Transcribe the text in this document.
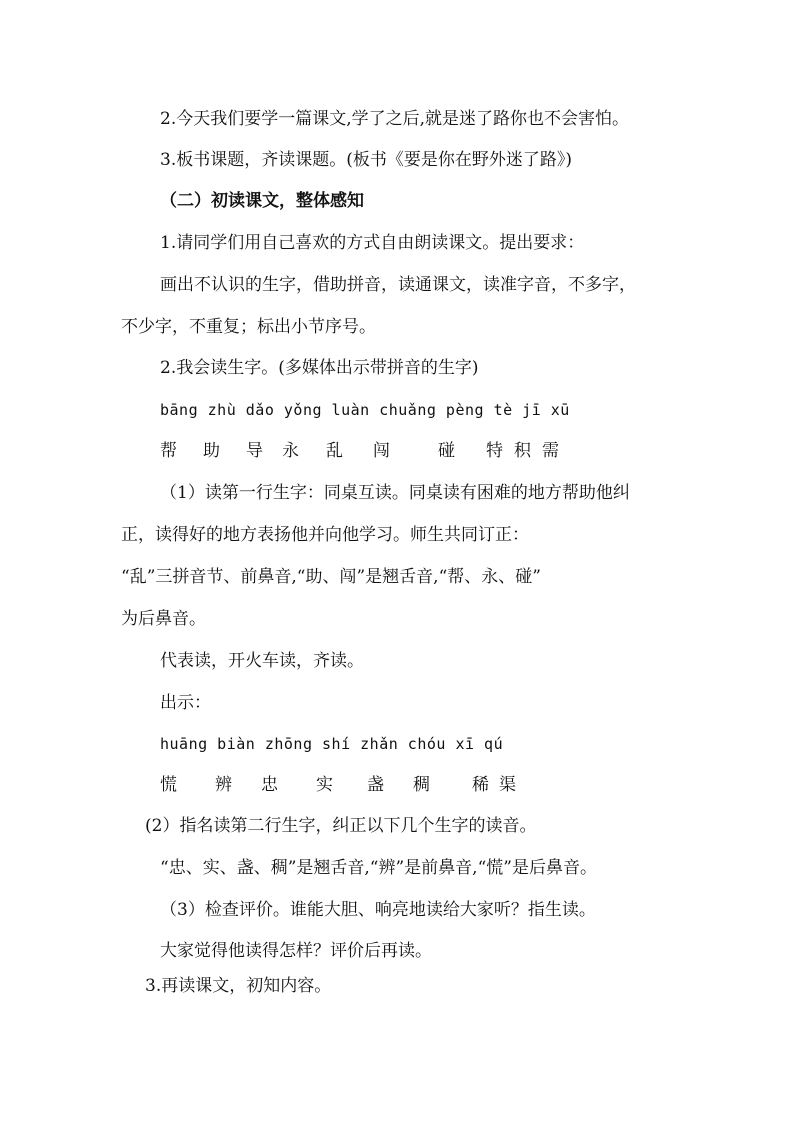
2.今天我们要学一篇课文,学了之后,就是迷了路你也不会害怕。
3.板书课题，齐读课题。(板书《要是你在野外迷了路》)
（二）初读课文，整体感知
1.请同学们用自己喜欢的方式自由朗读课文。提出要求：
画出不认识的生字，借助拼音，读通课文，读准字音，不多字，
不少字，不重复；标出小节序号。
2.我会读生字。(多媒体出示带拼音的生字)
bāng zhù dǎo yǒng luàn chuǎng pèng tè jī xū
帮 助 导 永 乱 闯	碰 特 积 需
（1）读第一行生字：同桌互读。同桌读有困难的地方帮助他纠
正，读得好的地方表扬他并向他学习。师生共同订正：
“乱”三拼音节、前鼻音,“助、闯”是翘舌音,“帮、永、碰”
为后鼻音。
代表读，开火车读，齐读。
出示：
huāng biàn zhōng shí zhǎn chóu xī qú
慌 辨 忠 实 盏 稠 稀 渠
(2）指名读第二行生字，纠正以下几个生字的读音。
“忠、实、盏、稠”是翘舌音,“辨”是前鼻音,“慌”是后鼻音。
（3）检查评价。谁能大胆、响亮地读给大家听？指生读。
大家觉得他读得怎样？评价后再读。
3.再读课文，初知内容。
